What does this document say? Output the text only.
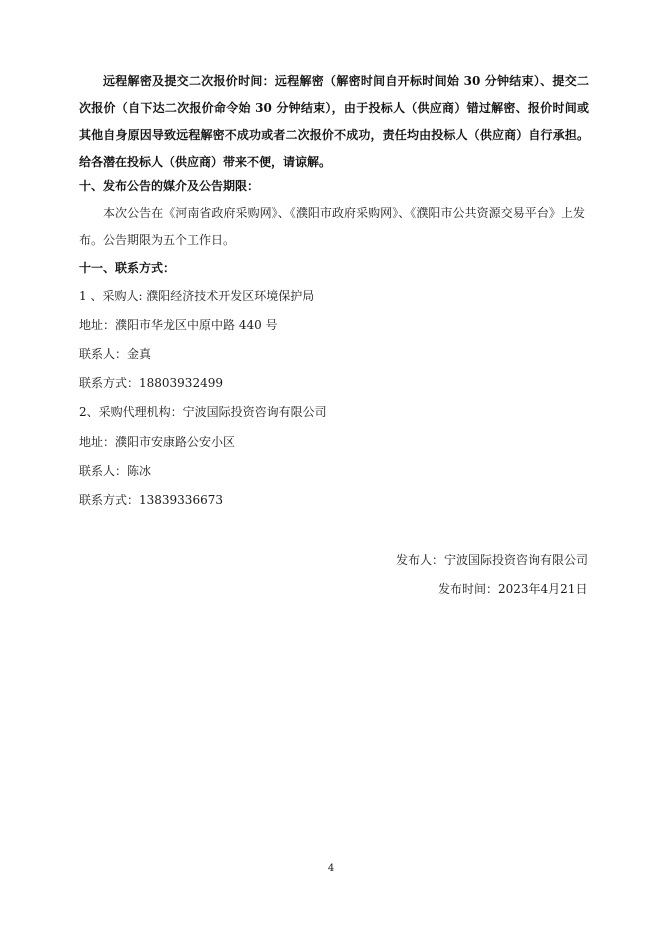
远程解密及提交二次报价时间：远程解密（解密时间自开标时间始 30 分钟结束）、提交二次报价（自下达二次报价命令始 30 分钟结束），由于投标人（供应商）错过解密、报价时间或其他自身原因导致远程解密不成功或者二次报价不成功，责任均由投标人（供应商）自行承担。给各潜在投标人（供应商）带来不便，请谅解。
十、发布公告的媒介及公告期限：
本次公告在《河南省政府采购网》、《濮阳市政府采购网》、《濮阳市公共资源交易平台》上发布。公告期限为五个工作日。
十一、联系方式：
1 、采购人: 濮阳经济技术开发区环境保护局
地址：濮阳市华龙区中原中路 440 号
联系人：金真
联系方式：18803932499
2、采购代理机构：宁波国际投资咨询有限公司
地址：濮阳市安康路公安小区
联系人：陈冰
联系方式：13839336673
发布人：宁波国际投资咨询有限公司
发布时间：2023年4月21日
4
